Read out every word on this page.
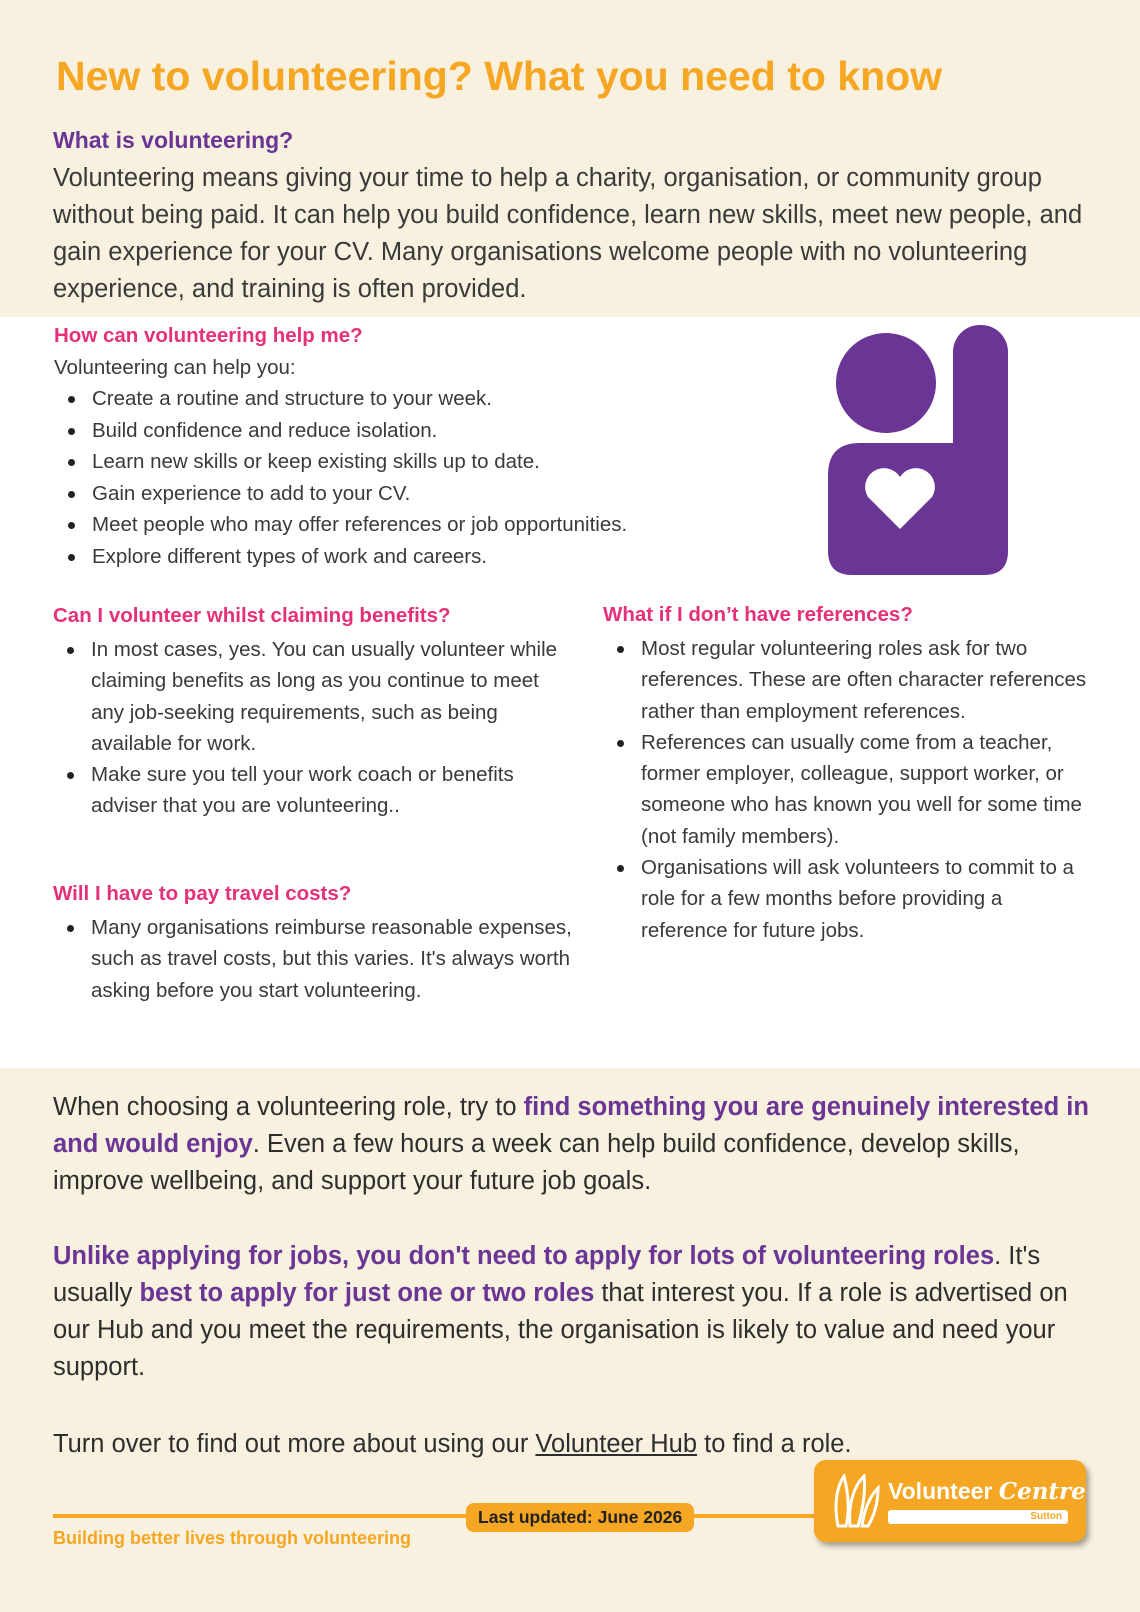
New to volunteering? What you need to know
What is volunteering?

Volunteering means giving your time to help a charity, organisation, or community group without being paid. It can help you build confidence, learn new skills, meet new people, and gain experience for your CV. Many organisations welcome people with no volunteering experience, and training is often provided.

How can volunteering help me?

Volunteering can help you:

Create a routine and structure to your week.
Build confidence and reduce isolation.
Learn new skills or keep existing skills up to date.
Gain experience to add to your CV.
Meet people who may offer references or job opportunities.
Explore different types of work and careers.
Can I volunteer whilst claiming benefits?
In most cases, yes. You can usually volunteer while claiming benefits as long as you continue to meet any job-seeking requirements, such as being available for work.
Make sure you tell your work coach or benefits adviser that you are volunteering..
Will I have to pay travel costs?
Many organisations reimburse reasonable expenses, such as travel costs, but this varies. It's always worth asking before you start volunteering.
What if I don’t have references?
Most regular volunteering roles ask for two references. These are often character references rather than employment references.
References can usually come from a teacher, former employer, colleague, support worker, or someone who has known you well for some time (not family members).
Organisations will ask volunteers to commit to a role for a few months before providing a reference for future jobs.

When choosing a volunteering role, try to find something you are genuinely interested in and would enjoy. Even a few hours a week can help build confidence, develop skills, improve wellbeing, and support your future job goals.

Unlike applying for jobs, you don't need to apply for lots of volunteering roles. It's usually best to apply for just one or two roles that interest you. If a role is advertised on our Hub and you meet the requirements, the organisation is likely to value and need your support.

Turn over to find out more about using our Volunteer Hub to find a role.

Building better lives through volunteering

Last updated: June 2026
Volunteer Centre
Sutton
